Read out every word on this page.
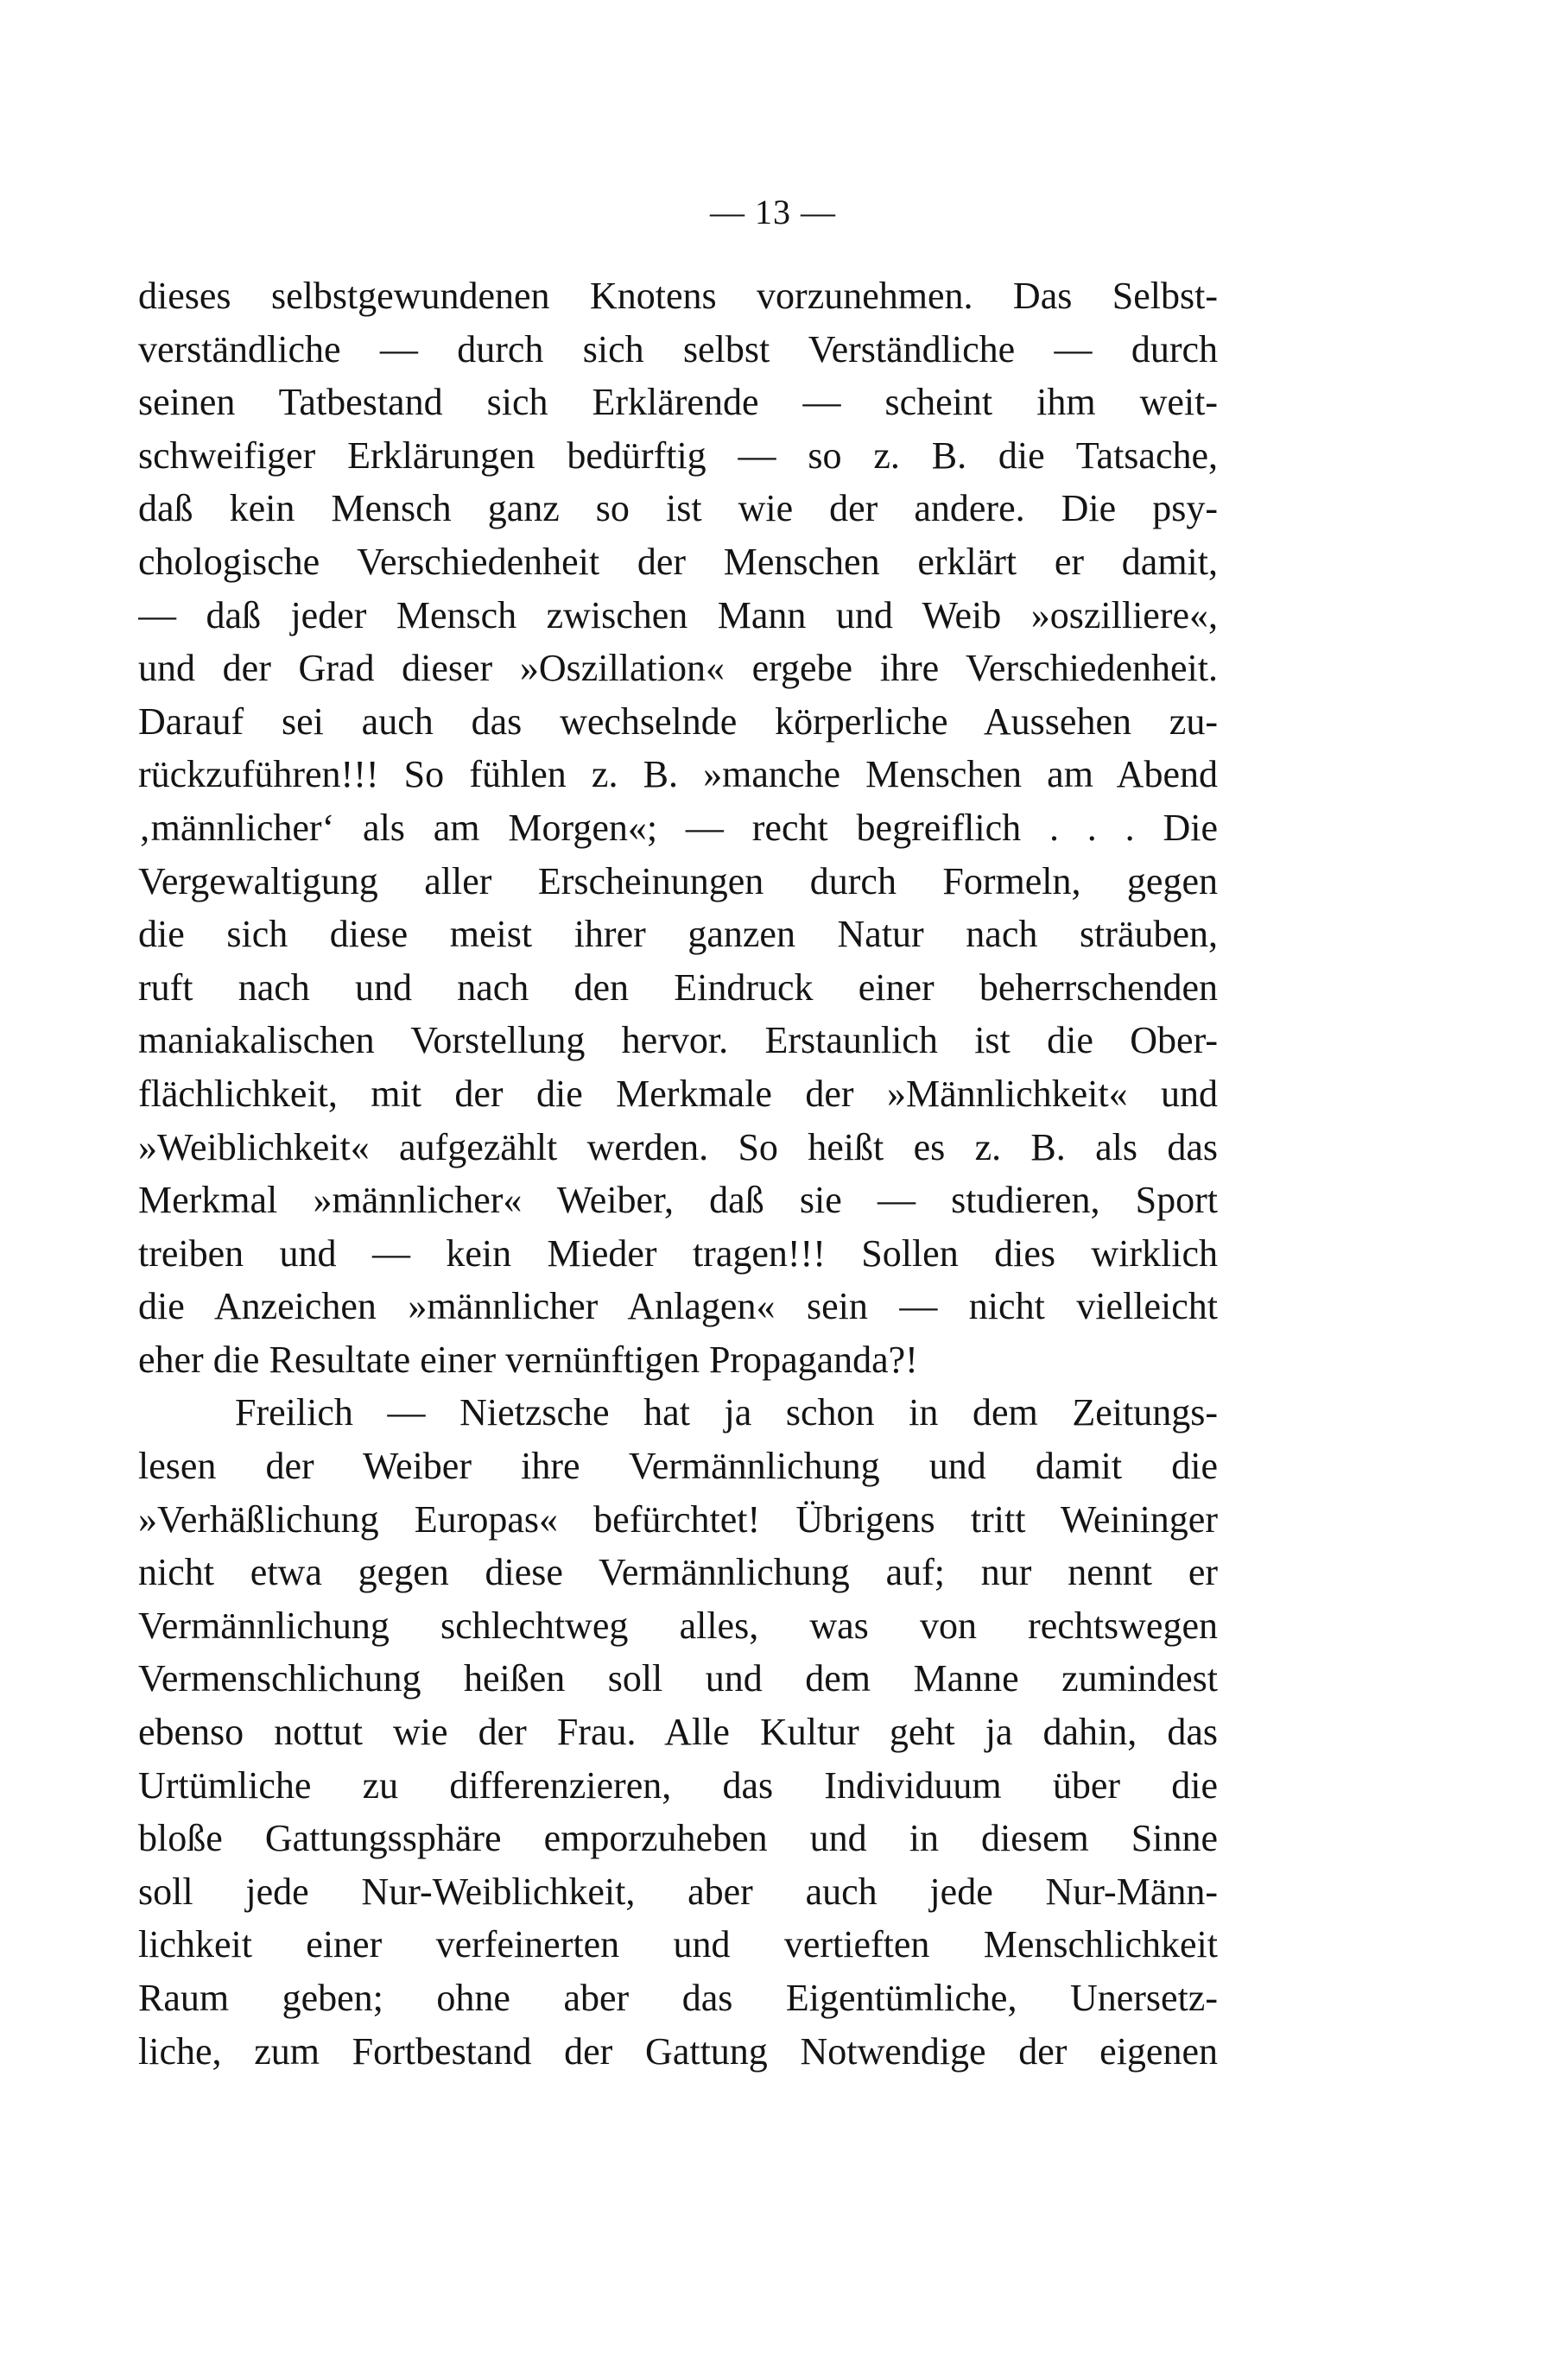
— 13 —
dieses selbstgewundenen Knotens vorzunehmen. Das Selbst-
verständliche — durch sich selbst Verständliche — durch
seinen Tatbestand sich Erklärende — scheint ihm weit-
schweifiger Erklärungen bedürftig — so z. B. die Tatsache,
daß kein Mensch ganz so ist wie der andere. Die psy-
chologische Verschiedenheit der Menschen erklärt er damit,
— daß jeder Mensch zwischen Mann und Weib »oszilliere«,
und der Grad dieser »Oszillation« ergebe ihre Verschiedenheit.
Darauf sei auch das wechselnde körperliche Aussehen zu-
rückzuführen!!! So fühlen z. B. »manche Menschen am Abend
‚männlicher‘ als am Morgen«; — recht begreiflich . . . Die
Vergewaltigung aller Erscheinungen durch Formeln, gegen
die sich diese meist ihrer ganzen Natur nach sträuben,
ruft nach und nach den Eindruck einer beherrschenden
maniakalischen Vorstellung hervor. Erstaunlich ist die Ober-
flächlichkeit, mit der die Merkmale der »Männlichkeit« und
»Weiblichkeit« aufgezählt werden. So heißt es z. B. als das
Merkmal »männlicher« Weiber, daß sie — studieren, Sport
treiben und — kein Mieder tragen!!! Sollen dies wirklich
die Anzeichen »männlicher Anlagen« sein — nicht vielleicht
eher die Resultate einer vernünftigen Propaganda?!
Freilich — Nietzsche hat ja schon in dem Zeitungs-
lesen der Weiber ihre Vermännlichung und damit die
»Verhäßlichung Europas« befürchtet! Übrigens tritt Weininger
nicht etwa gegen diese Vermännlichung auf; nur nennt er
Vermännlichung schlechtweg alles, was von rechtswegen
Vermenschlichung heißen soll und dem Manne zumindest
ebenso nottut wie der Frau. Alle Kultur geht ja dahin, das
Urtümliche zu differenzieren, das Individuum über die
bloße Gattungssphäre emporzuheben und in diesem Sinne
soll jede Nur-Weiblichkeit, aber auch jede Nur-Männ-
lichkeit einer verfeinerten und vertieften Menschlichkeit
Raum geben; ohne aber das Eigentümliche, Unersetz-
liche, zum Fortbestand der Gattung Notwendige der eigenen
